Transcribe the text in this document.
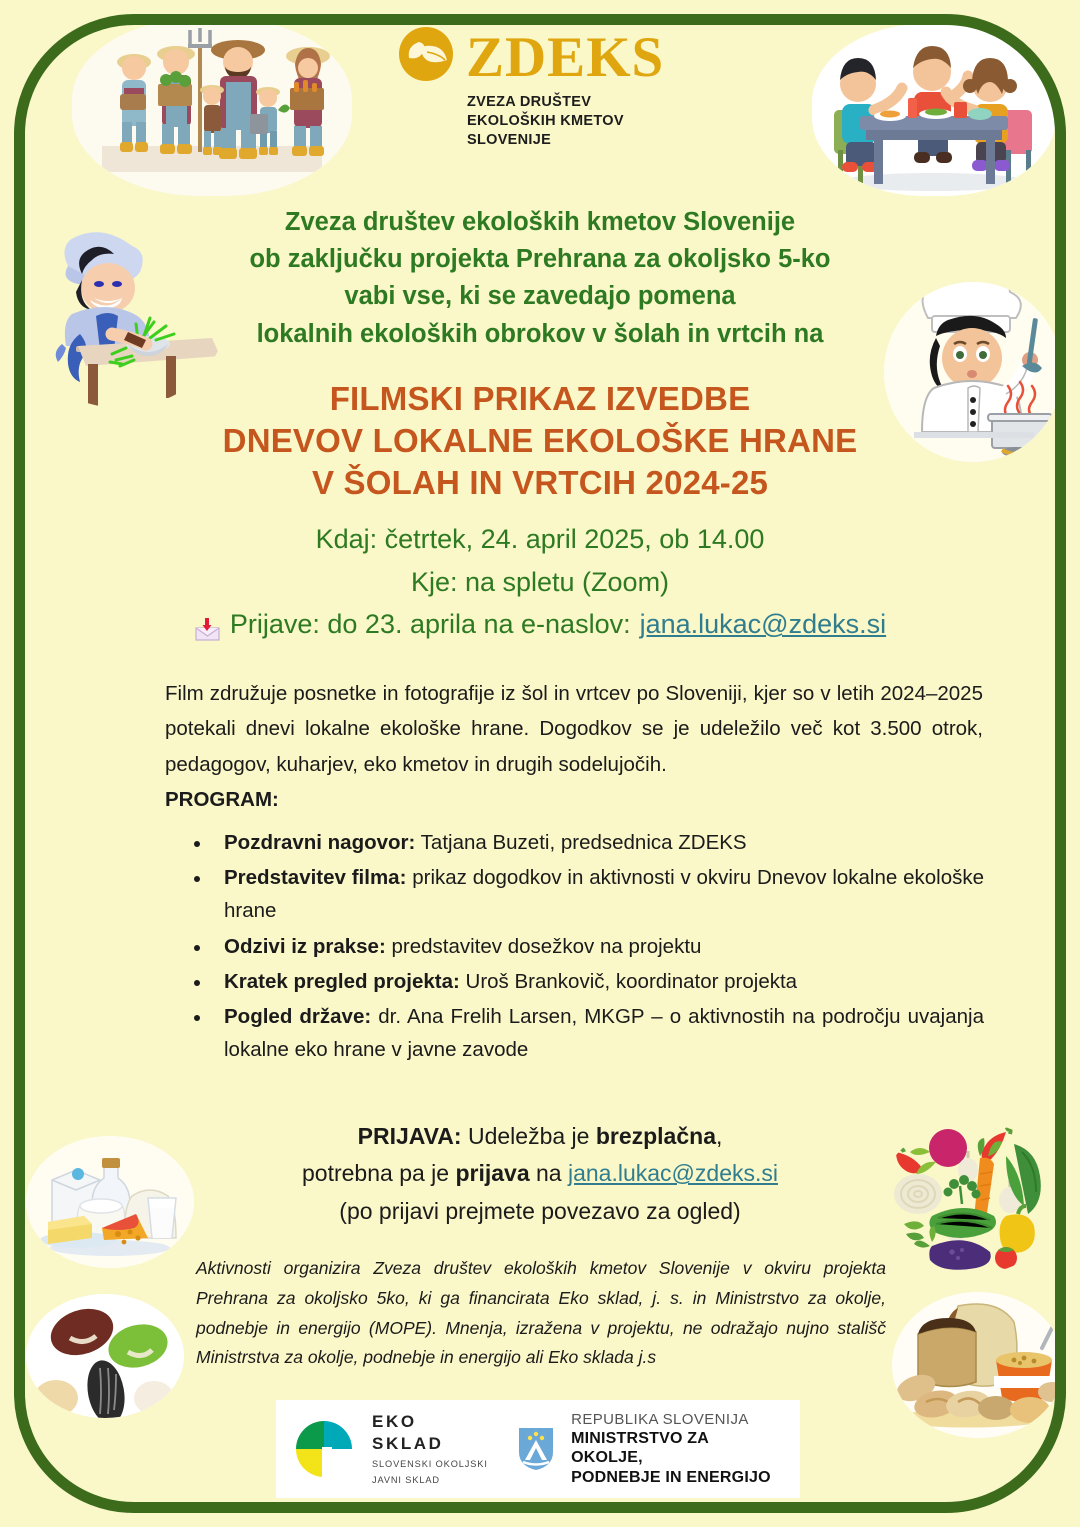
ZDEKS
ZVEZA DRUŠTEV
EKOLOŠKIH KMETOV
SLOVENIJE
Zveza društev ekoloških kmetov Slovenije
ob zaključku projekta Prehrana za okoljsko 5-ko
vabi vse, ki se zavedajo pomena
lokalnih ekoloških obrokov v šolah in vrtcih na
FILMSKI PRIKAZ IZVEDBE
DNEVOV LOKALNE EKOLOŠKE HRANE
V ŠOLAH IN VRTCIH 2024-25
Kdaj: četrtek, 24. april 2025, ob 14.00
Kje: na spletu (Zoom)
Prijave: do 23. aprila na e-naslov: jana.lukac@zdeks.si
Film združuje posnetke in fotografije iz šol in vrtcev po Sloveniji, kjer so v letih 2024–2025 potekali dnevi lokalne ekološke hrane. Dogodkov se je udeležilo več kot 3.500 otrok, pedagogov, kuharjev, eko kmetov in drugih sodelujočih.
PROGRAM:
• Pozdravni nagovor: Tatjana Buzeti, predsednica ZDEKS
• Predstavitev filma: prikaz dogodkov in aktivnosti v okviru Dnevov lokalne ekološke hrane
• Odzivi iz prakse: predstavitev dosežkov na projektu
• Kratek pregled projekta: Uroš Brankovič, koordinator projekta
• Pogled države: dr. Ana Frelih Larsen, MKGP – o aktivnostih na področju uvajanja lokalne eko hrane v javne zavode
PRIJAVA: Udeležba je brezplačna,
potrebna pa je prijava na jana.lukac@zdeks.si
(po prijavi prejmete povezavo za ogled)
Aktivnosti organizira Zveza društev ekoloških kmetov Slovenije v okviru projekta Prehrana za okoljsko 5ko, ki ga financirata Eko sklad, j. s. in Ministrstvo za okolje, podnebje in energijo (MOPE). Mnenja, izražena v projektu, ne odražajo nujno stališč Ministrstva za okolje, podnebje in energijo ali Eko sklada j.s
EKO SKLAD
SLOVENSKI OKOLJSKI
JAVNI SKLAD
REPUBLIKA SLOVENIJA
MINISTRSTVO ZA OKOLJE,
PODNEBJE IN ENERGIJO
